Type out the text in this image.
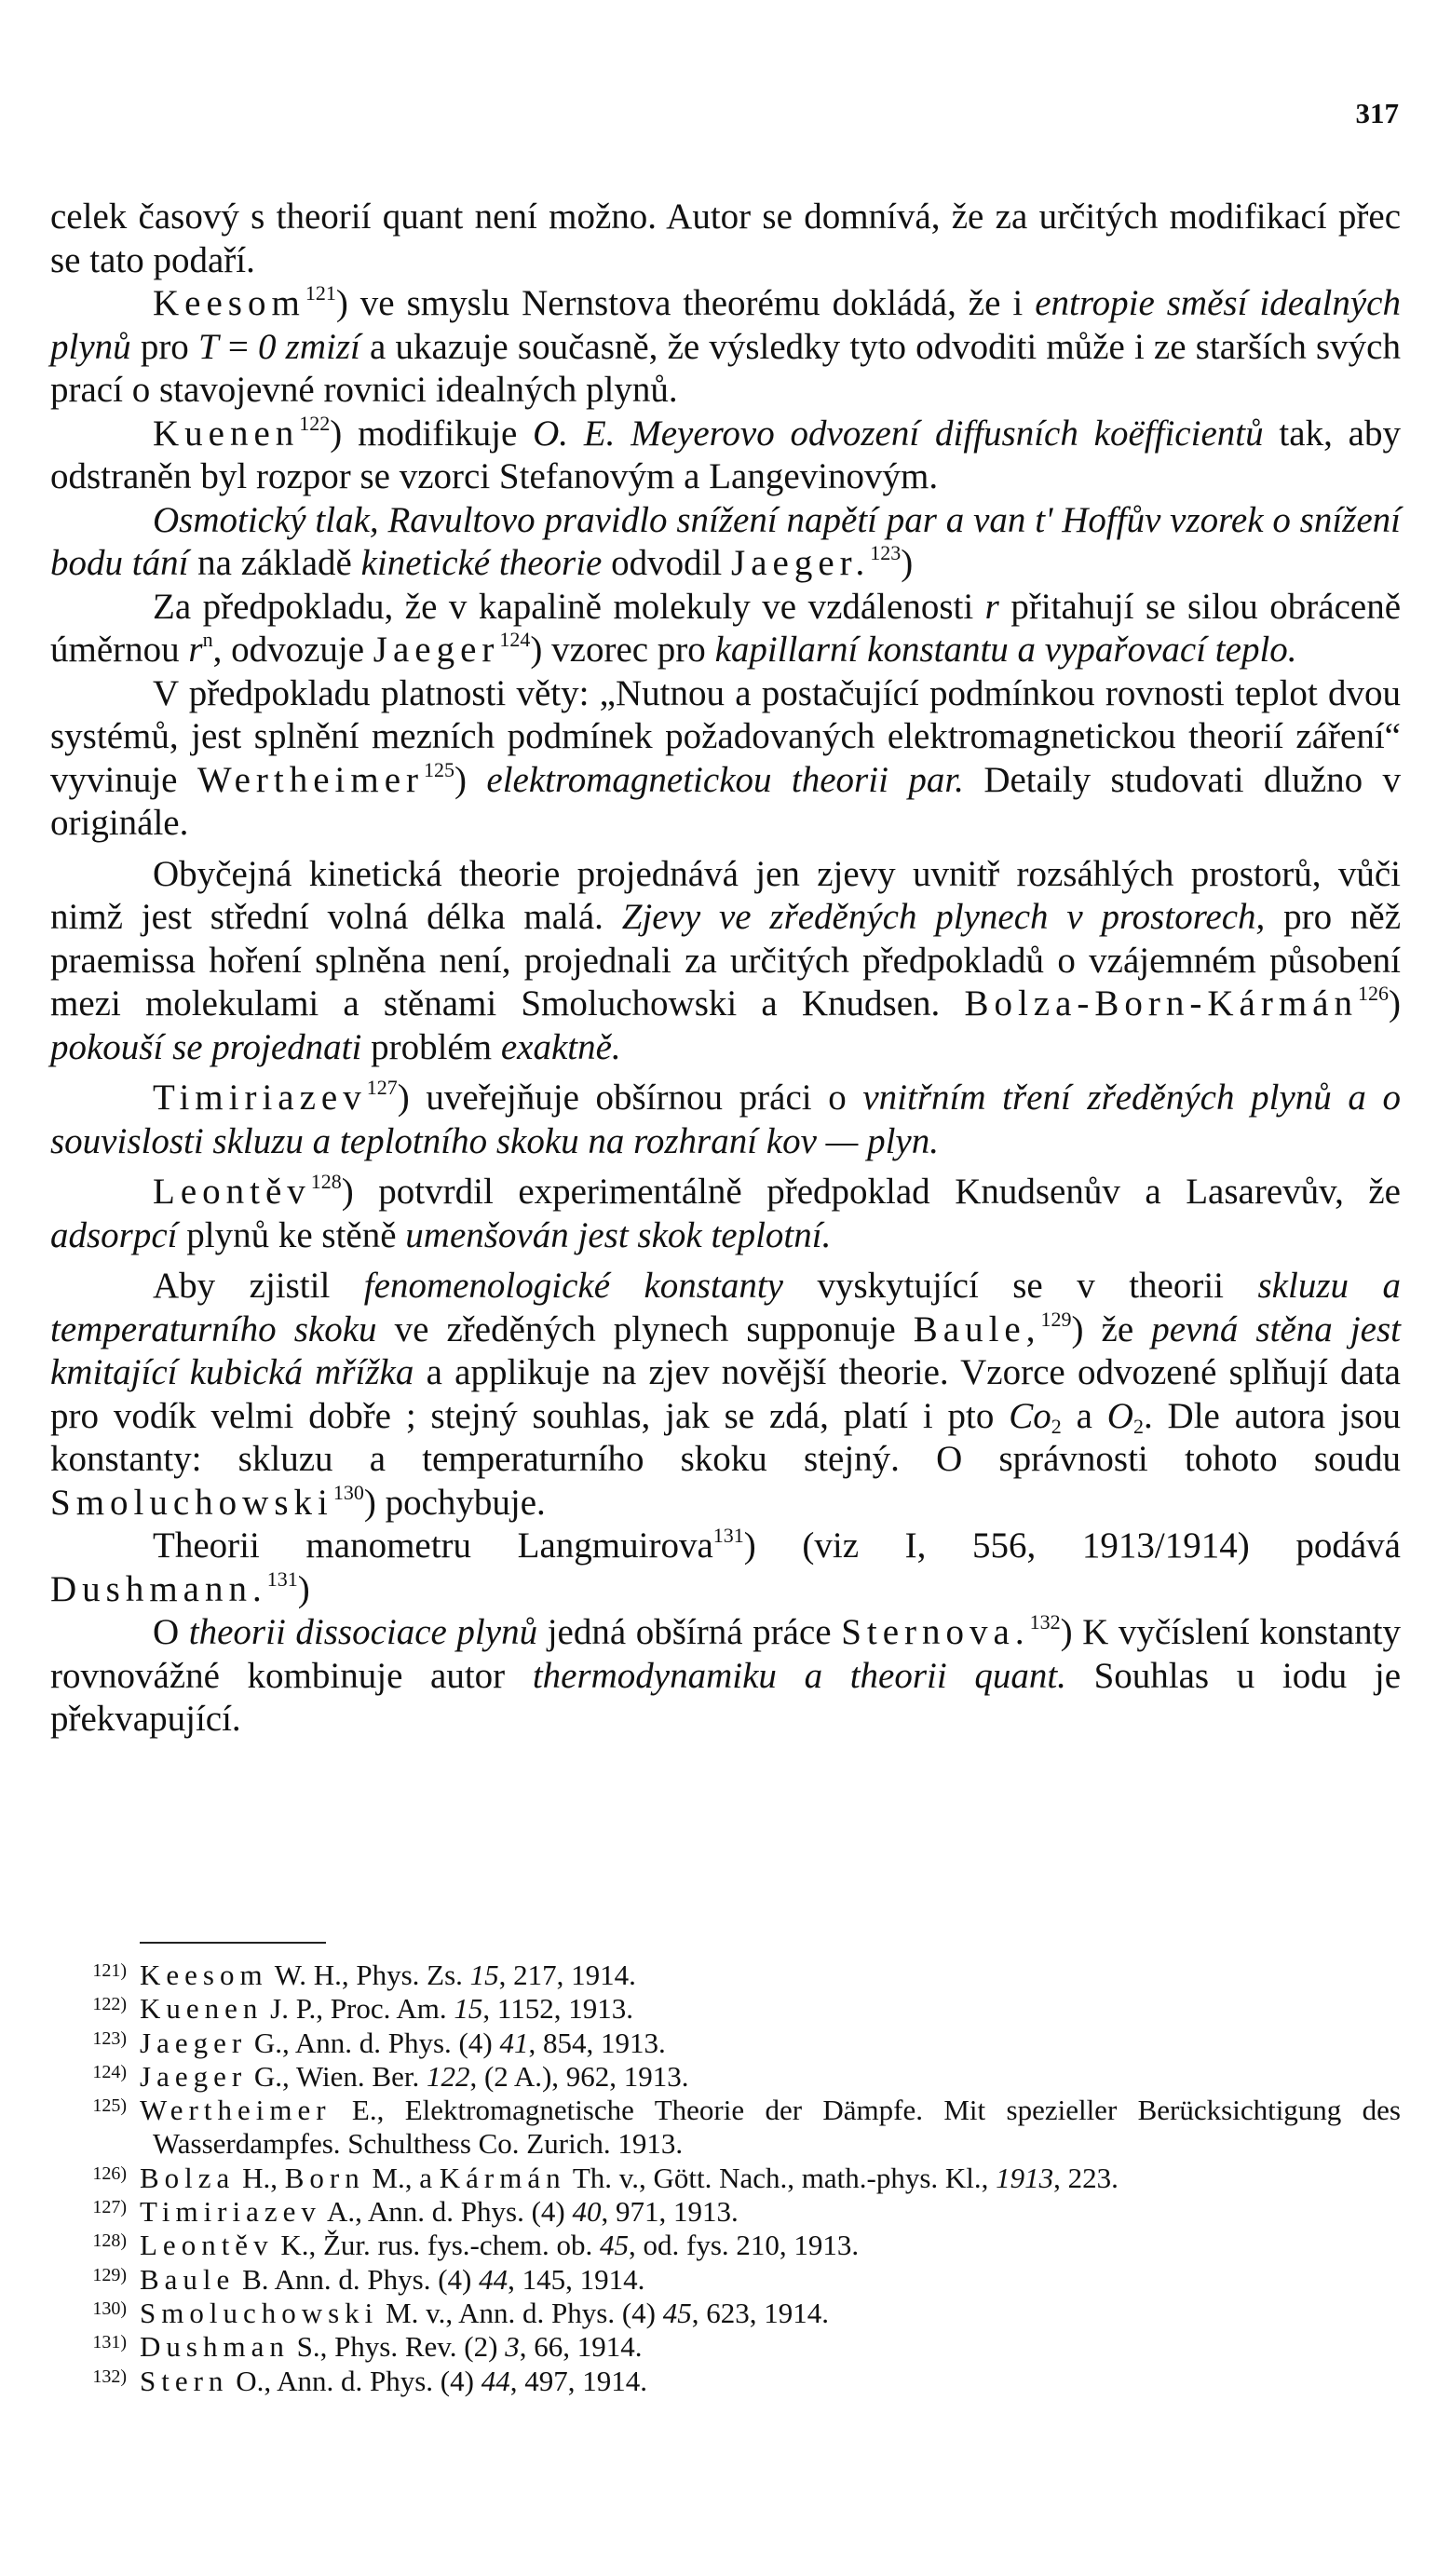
317

celek časový s theorií quant není možno. Autor se domnívá, že za určitých modifikací přec se tato podaří.

Keesom$^{121}$) ve smyslu Nernstova theorému dokládá, že i entropie směsí idealných plynů pro T = 0 zmizí a ukazuje současně, že výsledky tyto odvoditi může i ze starších svých prací o stavojevné rovnici idealných plynů.

Kuenen$^{122}$) modifikuje O. E. Meyerovo odvození diffusních koëfficientů tak, aby odstraněn byl rozpor se vzorci Stefanovým a Langevinovým.

Osmotický tlak, Ravultovo pravidlo snížení napětí par a van t' Hoffův vzorek o snížení bodu tání na základě kinetické theorie odvodil Jaeger.$^{123}$)

Za předpokladu, že v kapalině molekuly ve vzdálenosti r přitahují se silou obráceně úměrnou $r^n$, odvozuje Jaeger$^{124}$) vzorec pro kapillarní konstantu a vypařovací teplo.

V předpokladu platnosti věty: „Nutnou a postačující podmínkou rovnosti teplot dvou systémů, jest splnění mezních podmínek požadovaných elektromagnetickou theorií záření“ vyvinuje Wertheimer$^{125}$) elektromagnetickou theorii par. Detaily studovati dlužno v originále.

Obyčejná kinetická theorie projednává jen zjevy uvnitř rozsáhlých prostorů, vůči nimž jest střední volná délka malá. Zjevy ve zředěných plynech v prostorech, pro něž praemissa hoření splněna není, projednali za určitých předpokladů o vzájemném působení mezi molekulami a stěnami Smoluchowski a Knudsen. Bolza-Born-Kármán$^{126}$) pokouší se projednati problém exaktně.

Timiriazev$^{127}$) uveřejňuje obšírnou práci o vnitřním tření zředěných plynů a o souvislosti skluzu a teplotního skoku na rozhraní kov — plyn.

Leontěv$^{128}$) potvrdil experimentálně předpoklad Knudsenův a Lasarevův, že adsorpcí plynů ke stěně umenšován jest skok teplotní.

Aby zjistil fenomenologické konstanty vyskytující se v theorii skluzu a temperaturního skoku ve zředěných plynech supponuje Baule,$^{129}$) že pevná stěna jest kmitající kubická mřížka a applikuje na zjev novější theorie. Vzorce odvozené splňují data pro vodík velmi dobře ; stejný souhlas, jak se zdá, platí i pto $Co_2$ a $O_2$. Dle autora jsou konstanty: skluzu a temperaturního skoku stejný. O správnosti tohoto soudu Smoluchowski$^{130}$) pochybuje.

Theorii manometru Langmuirova$^{131}$) (viz I, 556, 1913/1914) podává Dushmann.$^{131}$)

O theorii dissociace plynů jedná obšírná práce Sternova.$^{132}$) K vyčíslení konstanty rovnovážné kombinuje autor thermodynamiku a theorii quant. Souhlas u iodu je překvapující.

121) Keesom W. H., Phys. Zs. 15, 217, 1914.
122) Kuenen J. P., Proc. Am. 15, 1152, 1913.
123) Jaeger G., Ann. d. Phys. (4) 41, 854, 1913.
124) Jaeger G., Wien. Ber. 122, (2 A.), 962, 1913.
125) Wertheimer E., Elektromagnetische Theorie der Dämpfe. Mit spezieller Berücksichtigung des Wasserdampfes. Schulthess Co. Zurich. 1913.
126) Bolza H., Born M., a Kármán Th. v., Gött. Nach., math.-phys. Kl., 1913, 223.
127) Timiriazev A., Ann. d. Phys. (4) 40, 971, 1913.
128) Leontěv K., Žur. rus. fys.-chem. ob. 45, od. fys. 210, 1913.
129) Baule B. Ann. d. Phys. (4) 44, 145, 1914.
130) Smoluchowski M. v., Ann. d. Phys. (4) 45, 623, 1914.
131) Dushman S., Phys. Rev. (2) 3, 66, 1914.
132) Stern O., Ann. d. Phys. (4) 44, 497, 1914.
